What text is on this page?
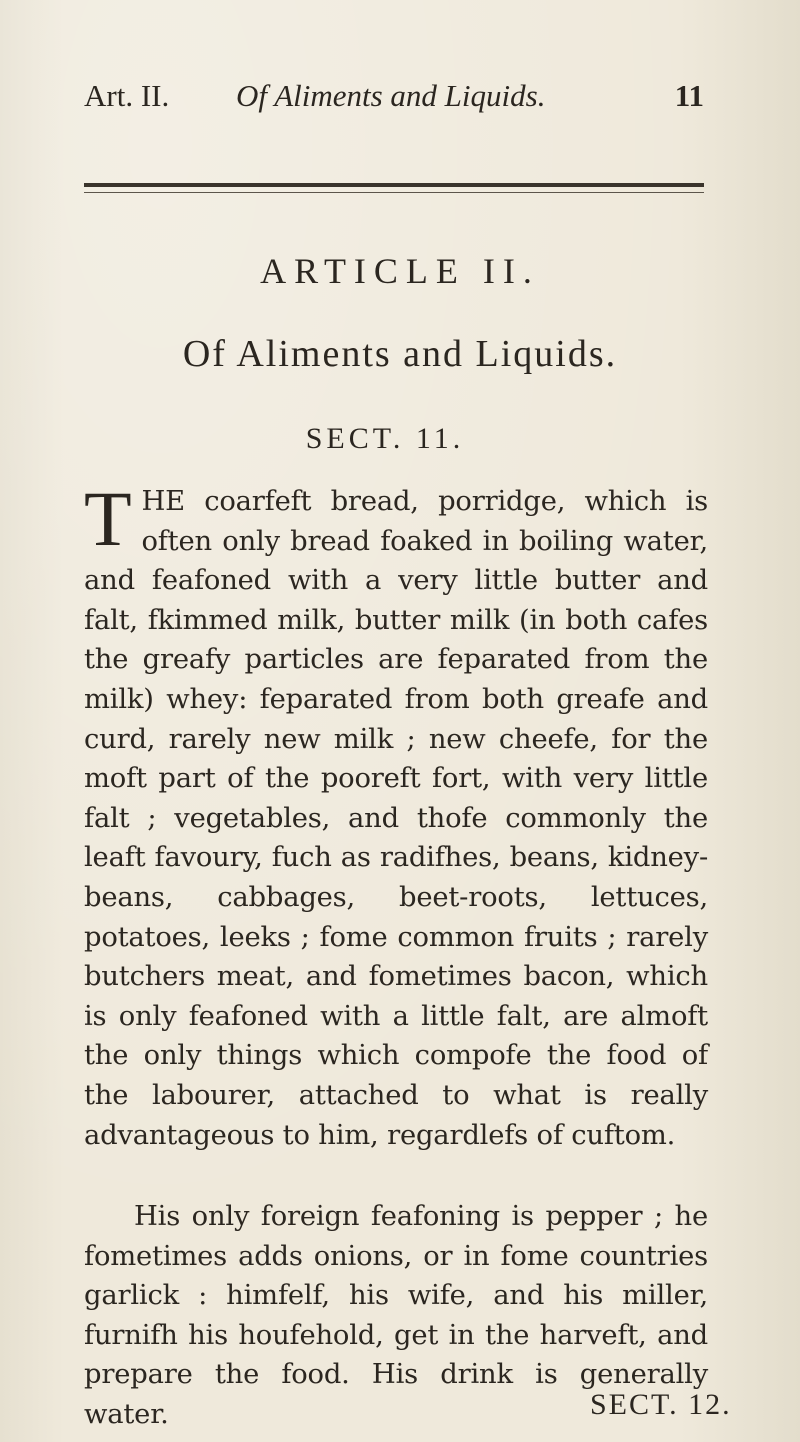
Art. II. Of Aliments and Liquids.	11
ARTICLE II.
Of Aliments and Liquids.
SECT. 11.
THE coarfeft bread, porridge, which is often only bread foaked in boiling water, and feafoned with a very little butter and falt, fkimmed milk, butter milk (in both cafes the greafy particles are feparated from the milk) whey: feparated from both greafe and curd, rarely new milk ; new cheefe, for the moft part of the pooreft fort, with very little falt ; vegetables, and thofe commonly the leaft favoury, fuch as radifhes, beans, kidney-beans, cabbages, beet-roots, lettuces, potatoes, leeks ; fome common fruits ; rarely butchers meat, and fometimes bacon, which is only feafoned with a little falt, are almoft the only things which compofe the food of the labourer, attached to what is really advantageous to him, regardlefs of cuftom.
His only foreign feafoning is pepper ; he fometimes adds onions, or in fome countries garlick : himfelf, his wife, and his miller, furnifh his houfehold, get in the harveft, and prepare the food. His drink is generally water.	SECT. 12.
